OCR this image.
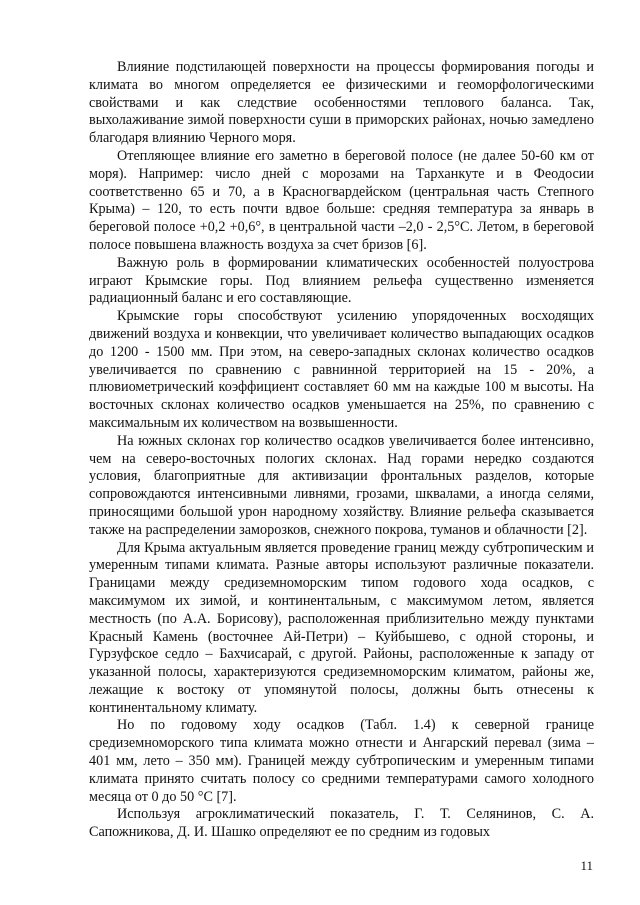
Влияние подстилающей поверхности на процессы формирования погоды и климата во многом определяется ее физическими и геоморфологическими свойствами и как следствие особенностями теплового баланса. Так, выхолаживание зимой поверхности суши в приморских районах, ночью замедлено благодаря влиянию Черного моря.

Отепляющее влияние его заметно в береговой полосе (не далее 50-60 км от моря). Например: число дней с морозами на Тарханкуте и в Феодосии соответственно 65 и 70, а в Красногвардейском (центральная часть Степного Крыма) – 120, то есть почти вдвое больше: средняя температура за январь в береговой полосе +0,2 +0,6°, в центральной части –2,0 - 2,5°С. Летом, в береговой полосе повышена влажность воздуха за счет бризов [6].

Важную роль в формировании климатических особенностей полуострова играют Крымские горы. Под влиянием рельефа существенно изменяется радиационный баланс и его составляющие.

Крымские горы способствуют усилению упорядоченных восходящих движений воздуха и конвекции, что увеличивает количество выпадающих осадков до 1200 - 1500 мм. При этом, на северо-западных склонах количество осадков увеличивается по сравнению с равнинной территорией на 15 - 20%, а плювиометрический коэффициент составляет 60 мм на каждые 100 м высоты. На восточных склонах количество осадков уменьшается на 25%, по сравнению с максимальным их количеством на возвышенности.

На южных склонах гор количество осадков увеличивается более интенсивно, чем на северо-восточных пологих склонах. Над горами нередко создаются условия, благоприятные для активизации фронтальных разделов, которые сопровождаются интенсивными ливнями, грозами, шквалами, а иногда селями, приносящими большой урон народному хозяйству. Влияние рельефа сказывается также на распределении заморозков, снежного покрова, туманов и облачности [2].

Для Крыма актуальным является проведение границ между субтропическим и умеренным типами климата. Разные авторы используют различные показатели. Границами между средиземноморским типом годового хода осадков, с максимумом их зимой, и континентальным, с максимумом летом, является местность (по А.А. Борисову), расположенная приблизительно между пунктами Красный Камень (восточнее Ай-Петри) – Куйбышево, с одной стороны, и Гурзуфское седло – Бахчисарай, с другой. Районы, расположенные к западу от указанной полосы, характеризуются средиземноморским климатом, районы же, лежащие к востоку от упомянутой полосы, должны быть отнесены к континентальному климату.

Но по годовому ходу осадков (Табл. 1.4) к северной границе средиземноморского типа климата можно отнести и Ангарский перевал (зима – 401 мм, лето – 350 мм). Границей между субтропическим и умеренным типами климата принято считать полосу со средними температурами самого холодного месяца от 0 до 50 °С [7].

Используя агроклиматический показатель, Г. Т. Селянинов, С. А. Сапожникова, Д. И. Шашко определяют ее по средним из годовых

11
